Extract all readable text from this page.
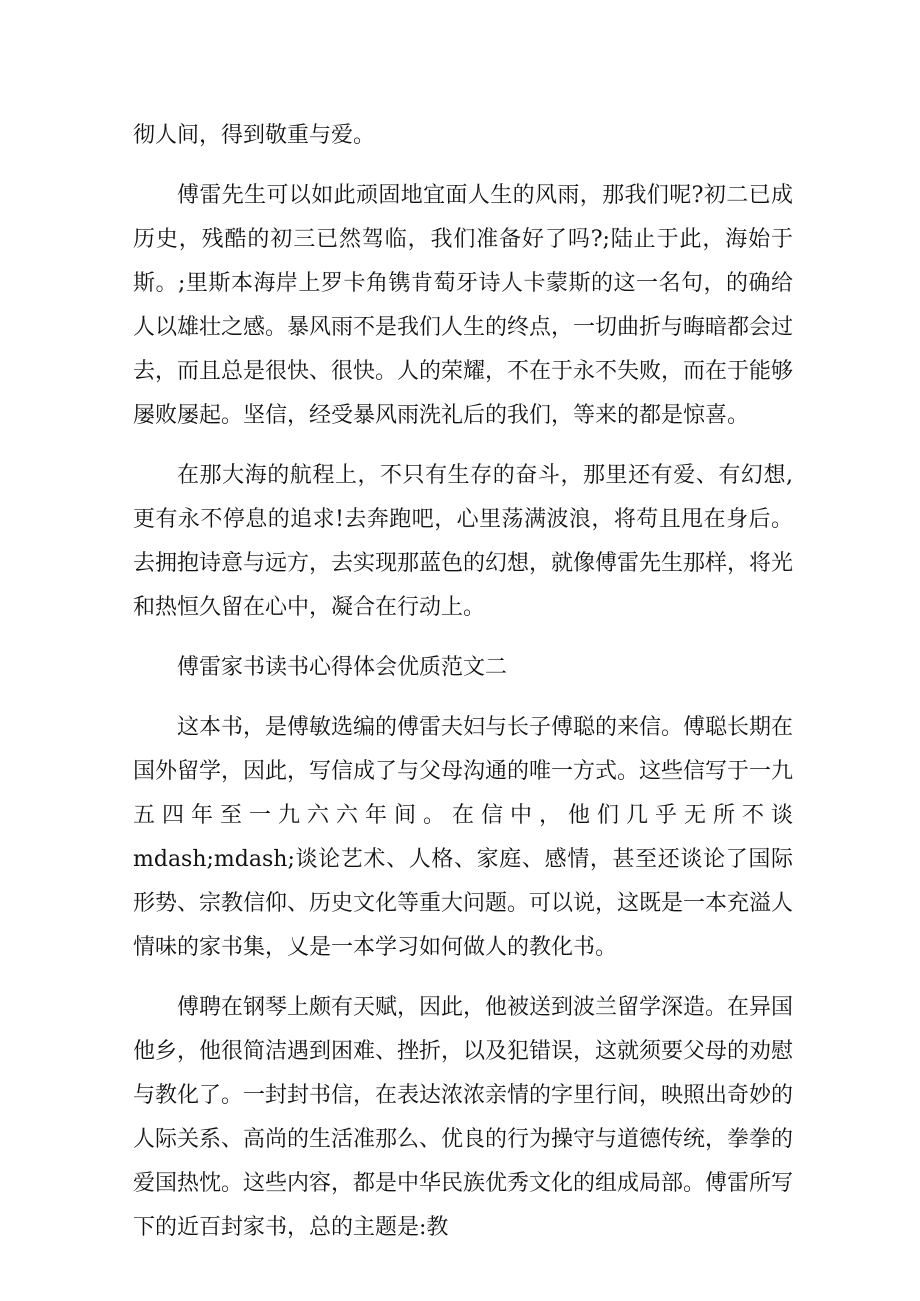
彻人间，得到敬重与爱。

傅雷先生可以如此顽固地宜面人生的风雨，那我们呢?初二已成历史，残酷的初三已然驾临，我们准备好了吗?;陆止于此，海始于斯。;里斯本海岸上罗卡角镌肯萄牙诗人卡蒙斯的这一名句，的确给人以雄壮之感。暴风雨不是我们人生的终点，一切曲折与晦暗都会过去，而且总是很快、很快。人的荣耀，不在于永不失败，而在于能够屡败屡起。坚信，经受暴风雨洗礼后的我们，等来的都是惊喜。

在那大海的航程上，不只有生存的奋斗，那里还有爱、有幻想,更有永不停息的追求!去奔跑吧，心里荡满波浪，将苟且甩在身后。去拥抱诗意与远方，去实现那蓝色的幻想，就像傅雷先生那样，将光和热恒久留在心中，凝合在行动上。

傅雷家书读书心得体会优质范文二

这本书，是傅敏选编的傅雷夫妇与长子傅聪的来信。傅聪长期在国外留学，因此，写信成了与父母沟通的唯一方式。这些信写于一九五四年至一九六六年间。在信中，他们几乎无所不谈mdash;mdash;谈论艺术、人格、家庭、感情，甚至还谈论了国际形势、宗教信仰、历史文化等重大问题。可以说，这既是一本充溢人情味的家书集，乂是一本学习如何做人的教化书。

傅聘在钢琴上颇有天赋，因此，他被送到波兰留学深造。在异国他乡，他很简洁遇到困难、挫折，以及犯错误，这就须要父母的劝慰与教化了。一封封书信，在表达浓浓亲情的字里行间，映照出奇妙的人际关系、高尚的生活准那么、优良的行为操守与道德传统，拳拳的爱国热忱。这些内容，都是中华民族优秀文化的组成局部。傅雷所写下的近百封家书，总的主题是:教
